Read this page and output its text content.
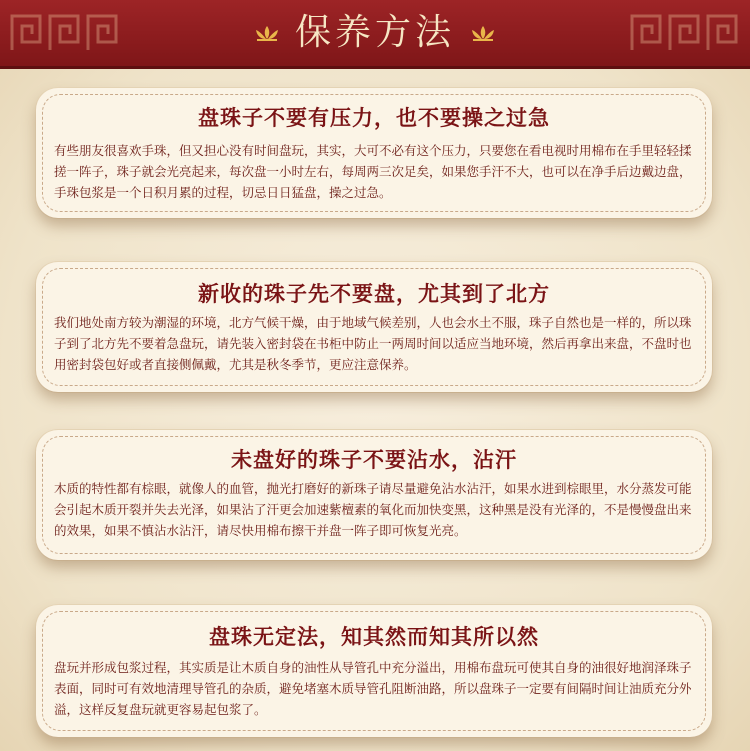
保养方法
盘珠子不要有压力，也不要操之过急
有些朋友很喜欢手珠，但又担心没有时间盘玩，其实，大可不必有这个压力，只要您在看电视时用棉布在手里轻轻揉搓一阵子，珠子就会光亮起来，每次盘一小时左右，每周两三次足矣，如果您手汗不大，也可以在净手后边戴边盘，手珠包浆是一个日积月累的过程，切忌日日猛盘，操之过急。
新收的珠子先不要盘，尤其到了北方
我们地处南方较为潮湿的环境，北方气候干燥，由于地域气候差别，人也会水土不服，珠子自然也是一样的，所以珠子到了北方先不要着急盘玩，请先装入密封袋在书柜中防止一两周时间以适应当地环境，然后再拿出来盘，不盘时也用密封袋包好或者直接侧佩戴，尤其是秋冬季节，更应注意保养。
未盘好的珠子不要沾水，沾汗
木质的特性都有棕眼，就像人的血管，抛光打磨好的新珠子请尽量避免沾水沾汗，如果水进到棕眼里，水分蒸发可能会引起木质开裂并失去光泽，如果沾了汗更会加速紫檀素的氧化而加快变黑，这种黑是没有光泽的，不是慢慢盘出来的效果，如果不慎沾水沾汗，请尽快用棉布擦干并盘一阵子即可恢复光亮。
盘珠无定法，知其然而知其所以然
盘玩并形成包浆过程，其实质是让木质自身的油性从导管孔中充分溢出，用棉布盘玩可使其自身的油很好地润泽珠子表面，同时可有效地清理导管孔的杂质，避免堵塞木质导管孔阻断油路，所以盘珠子一定要有间隔时间让油质充分外溢，这样反复盘玩就更容易起包浆了。
